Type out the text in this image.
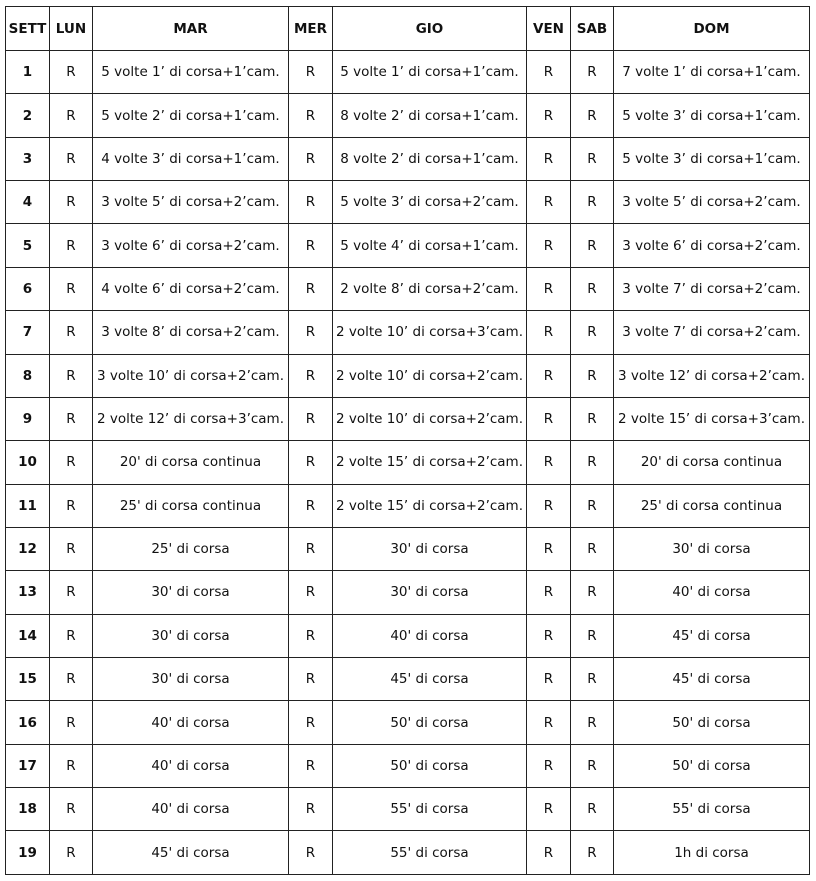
SETT	LUN	MAR	MER	GIO	VEN	SAB	DOM
1	R	5 volte 1’ di corsa+1’cam.	R	5 volte 1’ di corsa+1’cam.	R	R	7 volte 1’ di corsa+1’cam.
2	R	5 volte 2’ di corsa+1’cam.	R	8 volte 2’ di corsa+1’cam.	R	R	5 volte 3’ di corsa+1’cam.
3	R	4 volte 3’ di corsa+1’cam.	R	8 volte 2’ di corsa+1’cam.	R	R	5 volte 3’ di corsa+1’cam.
4	R	3 volte 5’ di corsa+2’cam.	R	5 volte 3’ di corsa+2’cam.	R	R	3 volte 5’ di corsa+2’cam.
5	R	3 volte 6’ di corsa+2’cam.	R	5 volte 4’ di corsa+1’cam.	R	R	3 volte 6’ di corsa+2’cam.
6	R	4 volte 6’ di corsa+2’cam.	R	2 volte 8’ di corsa+2’cam.	R	R	3 volte 7’ di corsa+2’cam.
7	R	3 volte 8’ di corsa+2’cam.	R	2 volte 10’ di corsa+3’cam.	R	R	3 volte 7’ di corsa+2’cam.
8	R	3 volte 10’ di corsa+2’cam.	R	2 volte 10’ di corsa+2’cam.	R	R	3 volte 12’ di corsa+2’cam.
9	R	2 volte 12’ di corsa+3’cam.	R	2 volte 10’ di corsa+2’cam.	R	R	2 volte 15’ di corsa+3’cam.
10	R	20' di corsa continua	R	2 volte 15’ di corsa+2’cam.	R	R	20' di corsa continua
11	R	25' di corsa continua	R	2 volte 15’ di corsa+2’cam.	R	R	25' di corsa continua
12	R	25' di corsa	R	30' di corsa	R	R	30' di corsa
13	R	30' di corsa	R	30' di corsa	R	R	40' di corsa
14	R	30' di corsa	R	40' di corsa	R	R	45' di corsa
15	R	30' di corsa	R	45' di corsa	R	R	45' di corsa
16	R	40' di corsa	R	50' di corsa	R	R	50' di corsa
17	R	40' di corsa	R	50' di corsa	R	R	50' di corsa
18	R	40' di corsa	R	55' di corsa	R	R	55' di corsa
19	R	45' di corsa	R	55' di corsa	R	R	1h di corsa
